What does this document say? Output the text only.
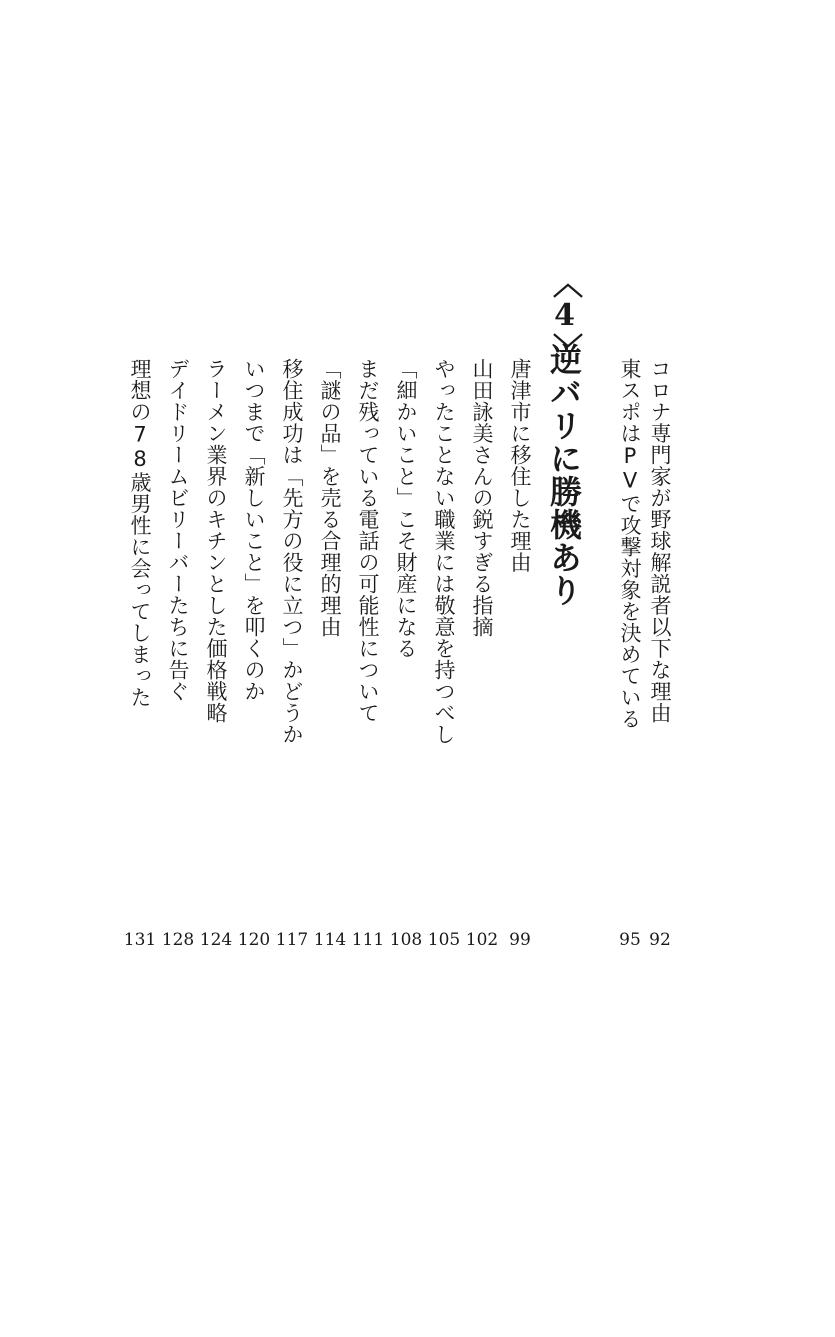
コロナ専門家が野球解説者以下な理由
92
東スポはPVで攻撃対象を決めている
95
〈4〉
逆バリに勝機あり
唐津市に移住した理由
99
山田詠美さんの鋭すぎる指摘
102
やったことない職業には敬意を持つべし
105
「細かいこと」こそ財産になる
108
まだ残っている電話の可能性について
111
「謎の品」を売る合理的理由
114
移住成功は「先方の役に立つ」かどうか
117
いつまで「新しいこと」を叩くのか
120
ラーメン業界のキチンとした価格戦略
124
デイドリームビリーバーたちに告ぐ
128
理想の78歳男性に会ってしまった
131
